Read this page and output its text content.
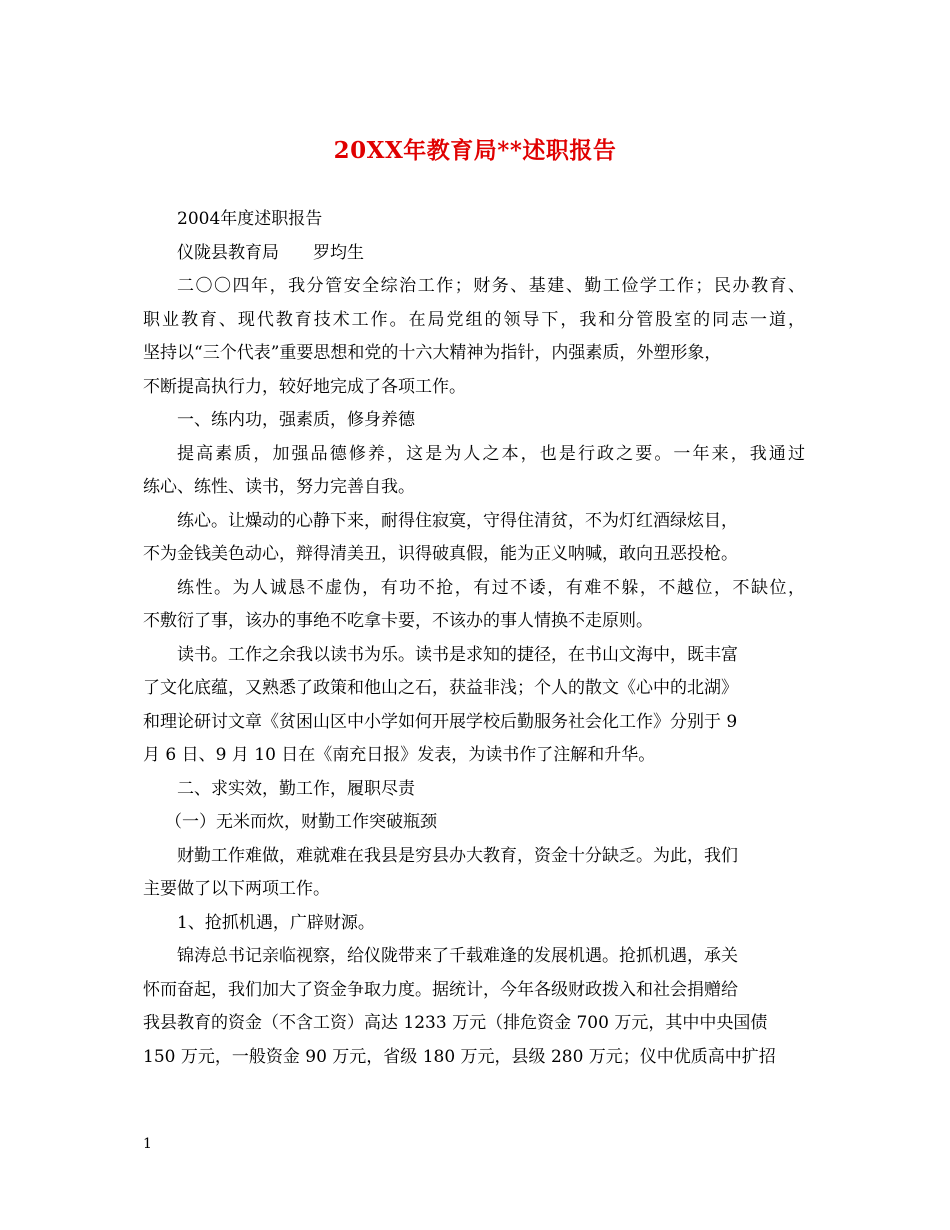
20XX年教育局**述职报告
2004年度述职报告
仪陇县教育局　　罗均生
二〇〇四年，我分管安全综治工作；财务、基建、勤工俭学工作；民办教育、
职业教育、现代教育技术工作。在局党组的领导下，我和分管股室的同志一道，
坚持以“三个代表”重要思想和党的十六大精神为指针，内强素质，外塑形象，
不断提高执行力，较好地完成了各项工作。
一、练内功，强素质，修身养德
提高素质，加强品德修养，这是为人之本，也是行政之要。一年来，我通过
练心、练性、读书，努力完善自我。
练心。让燥动的心静下来，耐得住寂寞，守得住清贫，不为灯红酒绿炫目，
不为金钱美色动心，辩得清美丑，识得破真假，能为正义呐喊，敢向丑恶投枪。
练性。为人诚恳不虚伪，有功不抢，有过不诿，有难不躲，不越位，不缺位，
不敷衍了事，该办的事绝不吃拿卡要，不该办的事人情换不走原则。
读书。工作之余我以读书为乐。读书是求知的捷径，在书山文海中，既丰富
了文化底蕴，又熟悉了政策和他山之石，获益非浅；个人的散文《心中的北湖》
和理论研讨文章《贫困山区中小学如何开展学校后勤服务社会化工作》分别于 9
月 6 日、9 月 10 日在《南充日报》发表，为读书作了注解和升华。
二、求实效，勤工作，履职尽责
（一）无米而炊，财勤工作突破瓶颈
财勤工作难做，难就难在我县是穷县办大教育，资金十分缺乏。为此，我们
主要做了以下两项工作。
1、抢抓机遇，广辟财源。
锦涛总书记亲临视察，给仪陇带来了千载难逢的发展机遇。抢抓机遇，承关
怀而奋起，我们加大了资金争取力度。据统计，今年各级财政拨入和社会捐赠给
我县教育的资金（不含工资）高达 1233 万元（排危资金 700 万元，其中中央国债
150 万元，一般资金 90 万元，省级 180 万元，县级 280 万元；仪中优质高中扩招
1
